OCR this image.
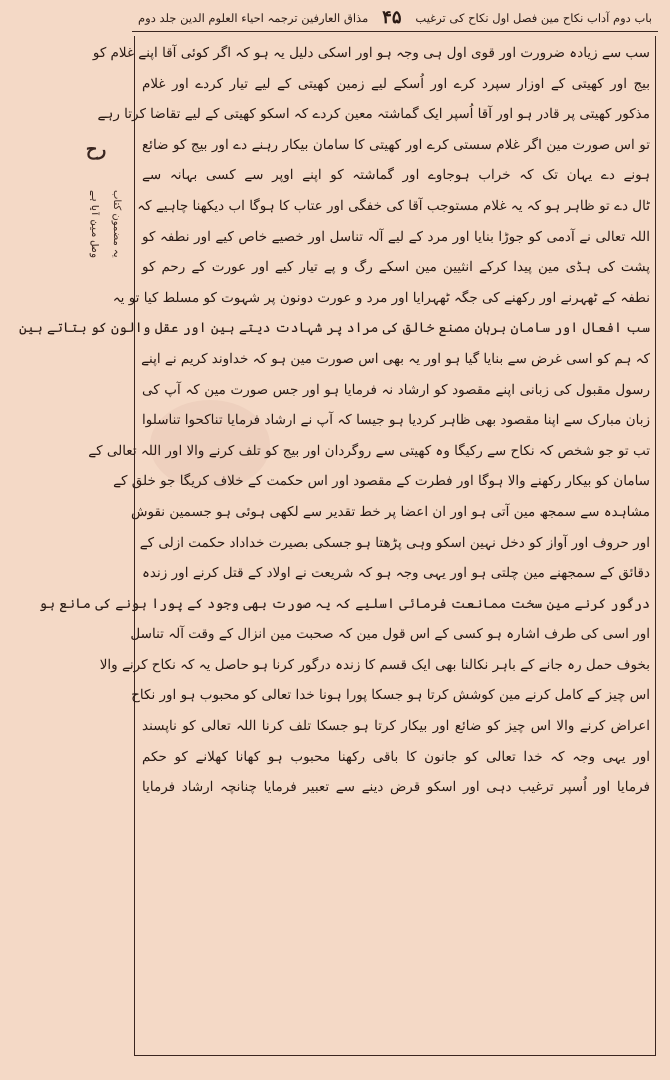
باب دوم آداب نکاح مین فصل اول نکاح کی ترغیب
۴۵
مذاق العارفین ترجمہ احیاء العلوم الدین جلد دوم
رح
یہ مضمون کتاب
وصل مین آیا ہے
سب سے زیادہ ضرورت اور قوی اول ہی وجہ ہو اور اسکی دلیل یہ ہو کہ اگر کوئی آقا اپنے غلام کو
بیج اور کھیتی کے اوزار سپرد کرے اور اُسکے لیے زمین کھیتی کے لیے تیار کردے اور غلام
مذکور کھیتی پر قادر ہو اور آقا اُسپر ایک گماشتہ معین کردے کہ اسکو کھیتی کے لیے تقاضا کرتا رہے
تو اس صورت مین اگر غلام سستی کرے اور کھیتی کا سامان بیکار رہنے دے اور بیج کو ضائع
ہونے دے یہان تک کہ خراب ہوجاوے اور گماشتہ کو اپنے اوپر سے کسی بہانہ سے
ٹال دے تو ظاہر ہو کہ یہ غلام مستوجب آقا کی خفگی اور عتاب کا ہوگا اب دیکھنا چاہیے کہ
اللہ تعالی نے آدمی کو جوڑا بنایا اور مرد کے لیے آلہ تناسل اور خصیے خاص کیے اور نطفہ کو
پشت کی ہڈی مین پیدا کرکے انثیین مین اسکے رگ و پے تیار کیے اور عورت کے رحم کو
نطفہ کے ٹھہرنے اور رکھنے کی جگہ ٹھہرایا اور مرد و عورت دونون پر شہوت کو مسلط کیا تو یہ
سب افعال اور سامان برہان مصنع خالق کی مراد پر شہادت دیتے ہین اور عقل والون کو بتاتے ہین
کہ ہم کو اسی غرض سے بنایا گیا ہو اور یہ بھی اس صورت مین ہو کہ خداوند کریم نے اپنے
رسول مقبول کی زبانی اپنے مقصود کو ارشاد نہ فرمایا ہو اور جس صورت مین کہ آپ کی
زبان مبارک سے اپنا مقصود بھی ظاہر کردیا ہو جیسا کہ آپ نے ارشاد فرمایا تناکحوا تناسلوا
تب تو جو شخص کہ نکاح سے رکیگا وہ کھیتی سے روگردان اور بیج کو تلف کرنے والا اور اللہ تعالی کے
سامان کو بیکار رکھنے والا ہوگا اور فطرت کے مقصود اور اس حکمت کے خلاف کریگا جو خلق کے
مشاہدہ سے سمجھ مین آتی ہو اور ان اعضا پر خط تقدیر سے لکھی ہوئی ہو جسمین نقوش
اور حروف اور آواز کو دخل نہین اسکو وہی پڑھتا ہو جسکی بصیرت خداداد حکمت ازلی کے
دقائق کے سمجھنے مین چلتی ہو اور یہی وجہ ہو کہ شریعت نے اولاد کے قتل کرنے اور زندہ
درگور کرنے مین سخت ممانعت فرمائی اسلیے کہ یہ صورت بھی وجود کے پورا ہونے کی مانع ہو
اور اسی کی طرف اشارہ ہو کسی کے اس قول مین کہ صحبت مین انزال کے وقت آلہ تناسل
بخوف حمل رہ جانے کے باہر نکالنا بھی ایک قسم کا زندہ درگور کرنا ہو حاصل یہ کہ نکاح کرنے والا
اس چیز کے کامل کرنے مین کوشش کرتا ہو جسکا پورا ہونا خدا تعالی کو محبوب ہو اور نکاح
اعراض کرنے والا اس چیز کو ضائع اور بیکار کرتا ہو جسکا تلف کرنا اللہ تعالی کو ناپسند
اور یہی وجہ کہ خدا تعالی کو جانون کا باقی رکھنا محبوب ہو کھانا کھلانے کو حکم
فرمایا اور اُسپر ترغیب دہی اور اسکو قرض دینے سے تعبیر فرمایا چنانچہ ارشاد فرمایا
